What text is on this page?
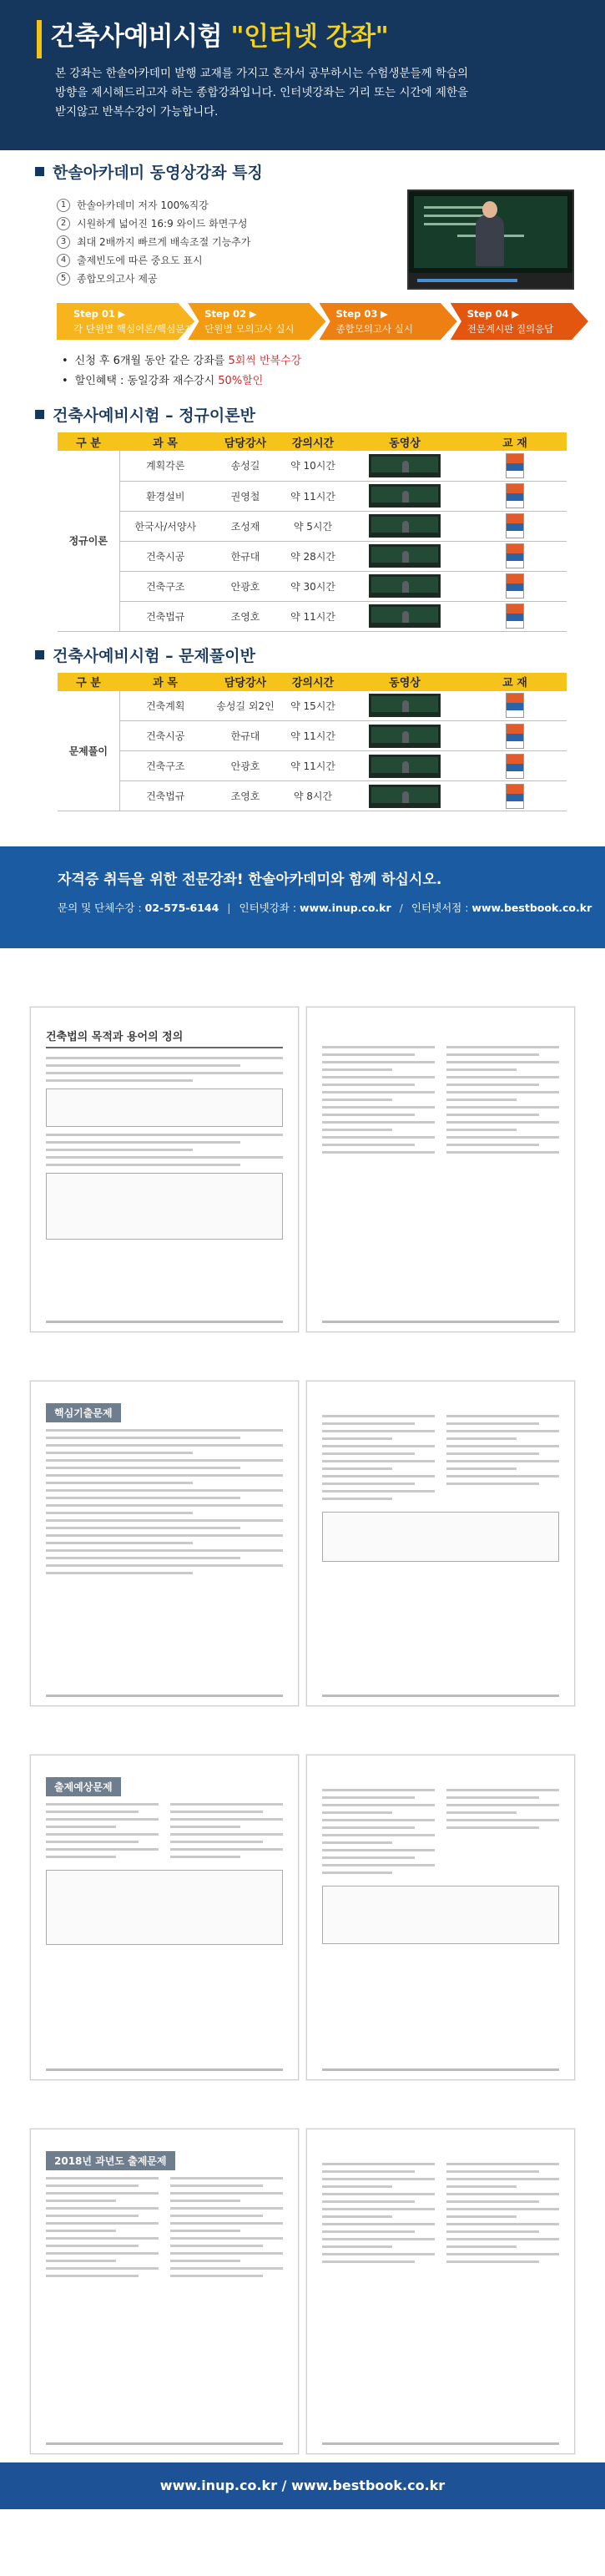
건축사예비시험 "인터넷 강좌"
본 강좌는 한솔아카데미 발행 교재를 가지고 혼자서 공부하시는 수험생분들께 학습의
방향을 제시해드리고자 하는 종합강좌입니다. 인터넷강좌는 거리 또는 시간에 제한을
받지않고 반복수강이 가능합니다.
한솔아카데미 동영상강좌 특징
1	한솔아카데미 저자 100%직강
2	시원하게 넓어진 16:9 와이드 화면구성
3	최대 2배까지 빠르게 배속조절 기능추가
4	출제빈도에 따른 중요도 표시
5	종합모의고사 제공
Step 01 ▶
각 단원별 핵심이론/핵심문제
Step 02 ▶
단원별 모의고사 실시
Step 03 ▶
종합모의고사 실시
Step 04 ▶
전문계시판 질의응답
• 신청 후 6개월 동안 같은 강좌를 5회씩 반복수강
• 할인혜택 : 동일강좌 재수강시 50%할인
건축사예비시험 – 정규이론반
구 분	과 목	담당강사	강의시간	동영상	교 재
정규이론	계획각론	송성길	약 10시간		
	환경설비	권영철	약 11시간		
	한국사/서양사	조성재	약 5시간		
	건축시공	한규대	약 28시간		
	건축구조	안광호	약 30시간		
	건축법규	조영호	약 11시간		
건축사예비시험 – 문제풀이반
구 분	과 목	담당강사	강의시간	동영상	교 재
문제풀이	건축계획	송성길 외2인	약 15시간		
	건축시공	한규대	약 11시간		
	건축구조	안광호	약 11시간		
	건축법규	조영호	약 8시간		
자격증 취득을 위한 전문강좌! 한솔아카데미와 함께 하십시오.
문의 및 단체수강 : 02-575-6144 | 인터넷강좌 : www.inup.co.kr / 인터넷서점 : www.bestbook.co.kr
건축법의 목적과 용어의 정의
핵심기출문제
출제예상문제
2018년 과년도 출제문제
www.inup.co.kr / www.bestbook.co.kr
